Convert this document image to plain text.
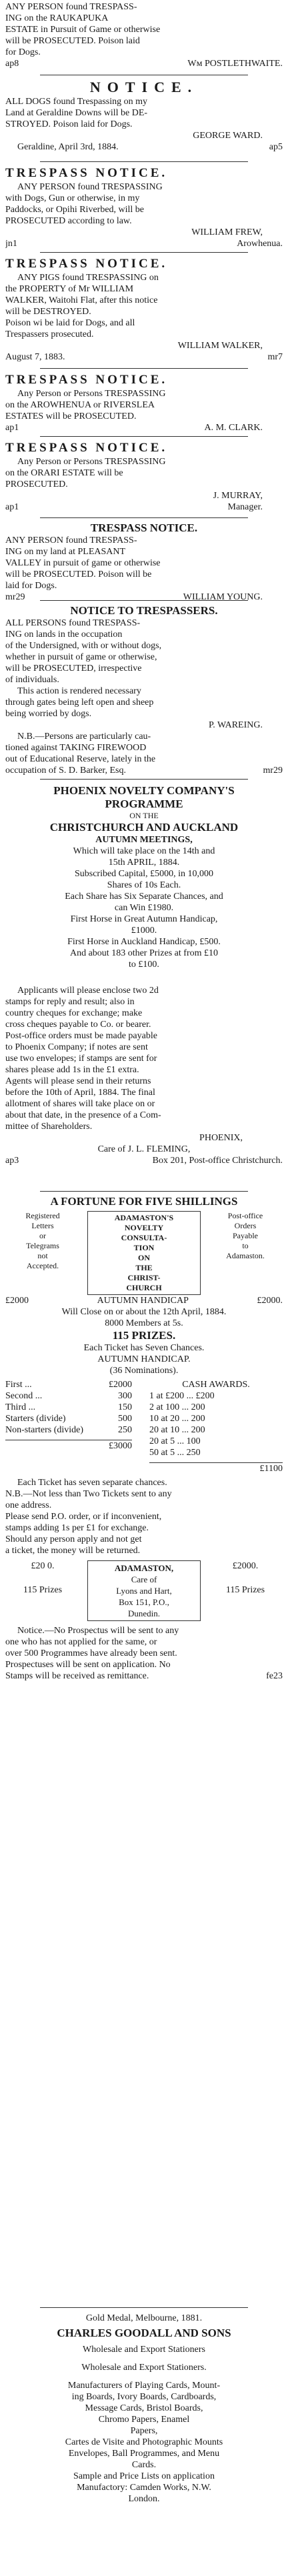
ANY PERSON found TRESPASS-
ING on the RAUKAPUKA
ESTATE in Pursuit of Game or otherwise
will be PROSECUTED. Poison laid
for Dogs.

ap8	Wᴍ POSTLETHWAITE.
NOTICE.

ALL DOGS found Trespassing on my
Land at Geraldine Downs will be DE-
STROYED. Poison laid for Dogs.

GEORGE WARD.

Geraldine, April 3rd, 1884.	ap5
TRESPASS NOTICE.

ANY PERSON found TRESPASSING
with Dogs, Gun or otherwise, in my
Paddocks, or Opihi Riverbed, will be
PROSECUTED according to law.

WILLIAM FREW,

jn1	Arowhenua.
TRESPASS NOTICE.

ANY PIGS found TRESPASSING on
the PROPERTY of Mr WILLIAM
WALKER, Waitohi Flat, after this notice
will be DESTROYED.
Poison wi be laid for Dogs, and all
Trespassers prosecuted.

WILLIAM WALKER,

August 7, 1883.	mr7
TRESPASS NOTICE.

Any Person or Persons TRESPASSING
on the AROWHENUA or RIVERSLEA
ESTATES will be PROSECUTED.

ap1	A. M. CLARK.
TRESPASS NOTICE.

Any Person or Persons TRESPASSING
on the ORARI ESTATE will be
PROSECUTED.

J. MURRAY,

ap1	Manager.
TRESPASS NOTICE.

ANY PERSON found TRESPASS-
ING on my land at PLEASANT
VALLEY in pursuit of game or otherwise
will be PROSECUTED. Poison will be
laid for Dogs.

mr29	WILLIAM YOUNG.
NOTICE TO TRESPASSERS.

ALL PERSONS found TRESPASS-
ING on lands in the occupation
of the Undersigned, with or without dogs,
whether in pursuit of game or otherwise,
will be PROSECUTED, irrespective
of individuals.
This action is rendered necessary
through gates being left open and sheep
being worried by dogs.

P. WAREING.

N.B.—Persons are particularly cau-
tioned against TAKING FIREWOOD
out of Educational Reserve, lately in the
occupation of S. D. Barker, Esq.	mr29

PHOENIX NOVELTY COMPANY'S
PROGRAMME
ON THE
CHRISTCHURCH AND AUCKLAND
AUTUMN MEETINGS,

Which will take place on the 14th and
15th APRIL, 1884.
Subscribed Capital, £5000, in 10,000
Shares of 10s Each.
Each Share has Six Separate Chances, and
can Win £1980.
First Horse in Great Autumn Handicap,
£1000.
First Horse in Auckland Handicap, £500.
And about 183 other Prizes at from £10
to £100.

Applicants will please enclose two 2d
stamps for reply and result; also in
country cheques for exchange; make
cross cheques payable to Co. or bearer.
Post-office orders must be made payable
to Phoenix Company; if notes are sent
use two envelopes; if stamps are sent for
shares please add 1s in the £1 extra.
Agents will please send in their returns
before the 10th of April, 1884. The final
allotment of shares will take place on or
about that date, in the presence of a Com-
mittee of Shareholders.

PHOENIX,

Care of J. L. FLEMING,

ap3	Box 201, Post-office Christchurch.
A FORTUNE FOR FIVE SHILLINGS
Registered
Letters
or
Telegrams
not
Accepted.
ADAMASTON'S
NOVELTY
CONSULTA-
TION
ON
THE
CHRIST-
CHURCH
Post-office
Orders
Payable
to
Adamaston.
£2000	AUTUMN HANDICAP	£2000.

Will Close on or about the 12th April, 1884.
8000 Members at 5s.
115 PRIZES.
Each Ticket has Seven Chances.
AUTUMN HANDICAP.
(36 Nominations).

First ...	£2000
Second ...	300
Third ...	150
Starters (divide)	500
Non-starters (divide)	250
£3000
CASH AWARDS.
1 at £200 ... £200
2 at 100 ... 200
10 at 20 ... 200
20 at 10 ... 200
20 at 5 ... 100
50 at 5 ... 250
£1100

Each Ticket has seven separate chances.
N.B.—Not less than Two Tickets sent to any
one address.
Please send P.O. order, or if inconvenient,
stamps adding 1s per £1 for exchange.
Should any person apply and not get
a ticket, the money will be returned.

£20 0.

115 Prizes
ADAMASTON,
Care of
Lyons and Hart,
Box 151, P.O.,
Dunedin.
£2000.

115 Prizes

Notice.—No Prospectus will be sent to any
one who has not applied for the same, or
over 500 Programmes have already been sent.
Prospectuses will be sent on application. No
Stamps will be received as remittance.	fe23

Gold Medal, Melbourne, 1881.
CHARLES GOODALL AND SONS
Wholesale and Export Stationers
Wholesale and Export Stationers.

Manufacturers of Playing Cards, Mount-
ing Boards, Ivory Boards, Cardboards,
Message Cards, Bristol Boards,
Chromo Papers, Enamel
Papers,
Cartes de Visite and Photographic Mounts
Envelopes, Ball Programmes, and Menu
Cards.
Sample and Price Lists on application
Manufactory: Camden Works, N.W.
London.
